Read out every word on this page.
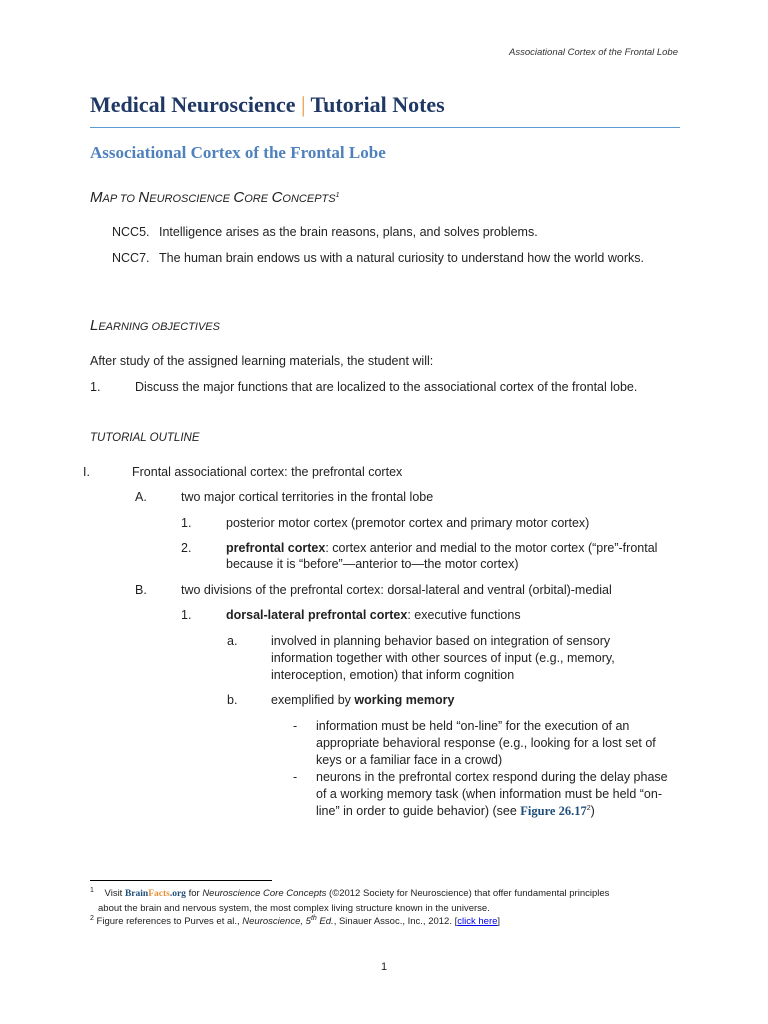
Associational Cortex of the Frontal Lobe
Medical Neuroscience | Tutorial Notes
Associational Cortex of the Frontal Lobe
MAP TO NEUROSCIENCE CORE CONCEPTS$^1$
NCC5. Intelligence arises as the brain reasons, plans, and solves problems.
NCC7. The human brain endows us with a natural curiosity to understand how the world works.
LEARNING OBJECTIVES
After study of the assigned learning materials, the student will:
1.	Discuss the major functions that are localized to the associational cortex of the frontal lobe.
TUTORIAL OUTLINE
I.	Frontal associational cortex: the prefrontal cortex
A.	two major cortical territories in the frontal lobe
1.	posterior motor cortex (premotor cortex and primary motor cortex)
2.	prefrontal cortex: cortex anterior and medial to the motor cortex (“pre”-frontal
because it is “before”—anterior to—the motor cortex)
B.	two divisions of the prefrontal cortex: dorsal-lateral and ventral (orbital)-medial
1.	dorsal-lateral prefrontal cortex: executive functions
a.	involved in planning behavior based on integration of sensory
information together with other sources of input (e.g., memory,
interoception, emotion) that inform cognition
b.	exemplified by working memory
- information must be held “on-line” for the execution of an
appropriate behavioral response (e.g., looking for a lost set of
keys or a familiar face in a crowd)
- neurons in the prefrontal cortex respond during the delay phase
of a working memory task (when information must be held “on-
line” in order to guide behavior) (see Figure 26.17$^2$)
$^1$ Visit BrainFacts.org for Neuroscience Core Concepts (©2012 Society for Neuroscience) that offer fundamental principles
about the brain and nervous system, the most complex living structure known in the universe.
$^2$ Figure references to Purves et al., Neuroscience, 5th Ed., Sinauer Assoc., Inc., 2012. [click here]
1
